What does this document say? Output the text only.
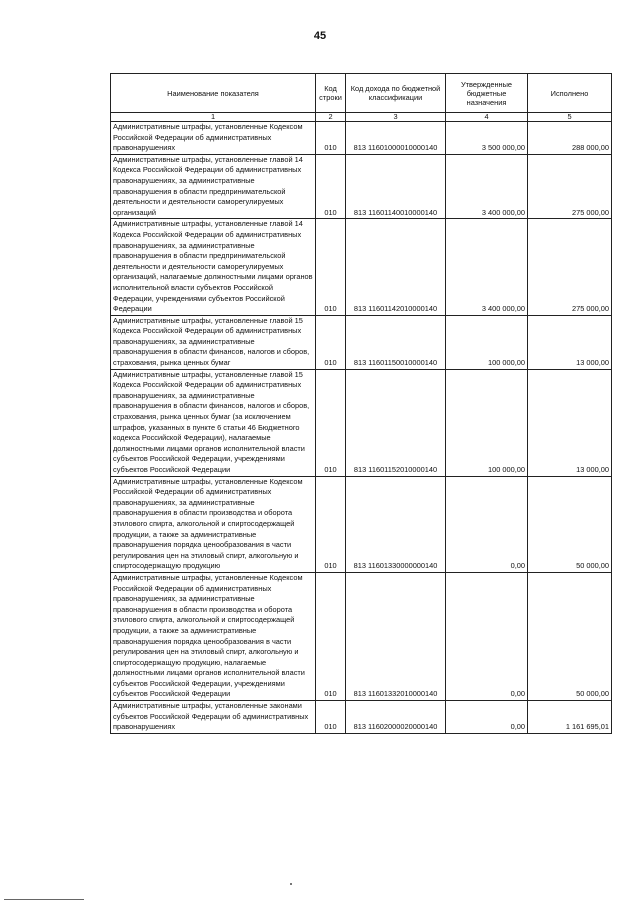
45
Наименование показателя	Код строки	Код дохода по бюджетной классификации	Утвержденные бюджетные назначения	Исполнено
1	2	3	4	5
Административные штрафы, установленные Кодексом Российской Федерации об административных правонарушениях	010	813 11601000010000140	3 500 000,00	288 000,00
Административные штрафы, установленные главой 14 Кодекса Российской Федерации об административных правонарушениях, за административные правонарушения в области предпринимательской деятельности и деятельности саморегулируемых организаций	010	813 11601140010000140	3 400 000,00	275 000,00
Административные штрафы, установленные главой 14 Кодекса Российской Федерации об административных правонарушениях, за административные правонарушения в области предпринимательской деятельности и деятельности саморегулируемых организаций, налагаемые должностными лицами органов исполнительной власти субъектов Российской Федерации, учреждениями субъектов Российской Федерации	010	813 11601142010000140	3 400 000,00	275 000,00
Административные штрафы, установленные главой 15 Кодекса Российской Федерации об административных правонарушениях, за административные правонарушения в области финансов, налогов и сборов, страхования, рынка ценных бумаг	010	813 11601150010000140	100 000,00	13 000,00
Административные штрафы, установленные главой 15 Кодекса Российской Федерации об административных правонарушениях, за административные правонарушения в области финансов, налогов и сборов, страхования, рынка ценных бумаг (за исключением штрафов, указанных в пункте 6 статьи 46 Бюджетного кодекса Российской Федерации), налагаемые должностными лицами органов исполнительной власти субъектов Российской Федерации, учреждениями субъектов Российской Федерации	010	813 11601152010000140	100 000,00	13 000,00
Административные штрафы, установленные Кодексом Российской Федерации об административных правонарушениях, за административные правонарушения в области производства и оборота этилового спирта, алкогольной и спиртосодержащей продукции, а также за административные правонарушения порядка ценообразования в части регулирования цен на этиловый спирт, алкогольную и спиртосодержащую продукцию	010	813 11601330000000140	0,00	50 000,00
Административные штрафы, установленные Кодексом Российской Федерации об административных правонарушениях, за административные правонарушения в области производства и оборота этилового спирта, алкогольной и спиртосодержащей продукции, а также за административные правонарушения порядка ценообразования в части регулирования цен на этиловый спирт, алкогольную и спиртосодержащую продукцию, налагаемые должностными лицами органов исполнительной власти субъектов Российской Федерации, учреждениями субъектов Российской Федерации	010	813 11601332010000140	0,00	50 000,00
Административные штрафы, установленные законами субъектов Российской Федерации об административных правонарушениях	010	813 11602000020000140	0,00	1 161 695,01
